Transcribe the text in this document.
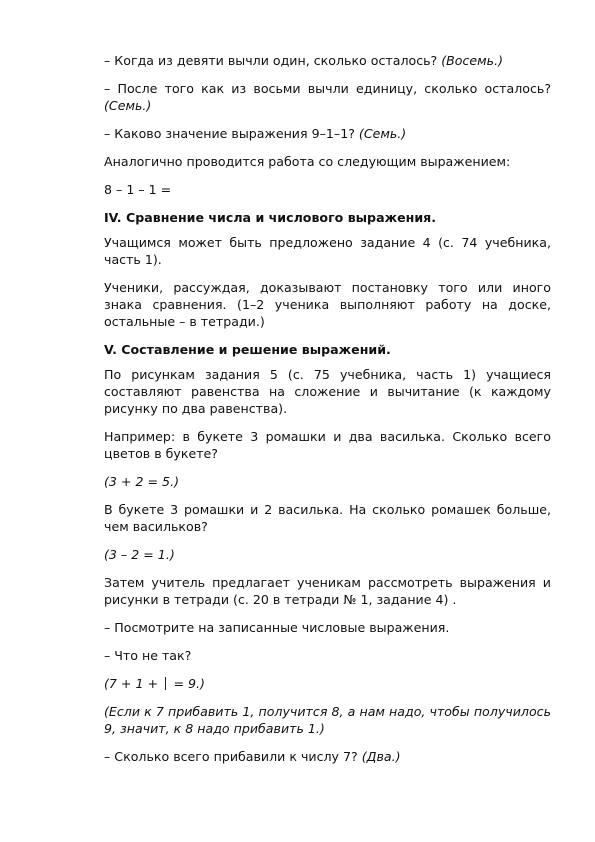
– Когда из девяти вычли один, сколько осталось? (Восемь.)

– После того как из восьми вычли единицу, сколько осталось? (Семь.)

– Каково значение выражения 9–1–1? (Семь.)

Аналогично проводится работа со следующим выражением:

8 – 1 – 1 =

IV. Сравнение числа и числового выражения.

Учащимся может быть предложено задание 4 (с. 74 учебника, часть 1).

Ученики, рассуждая, доказывают постановку того или иного знака сравнения. (1–2 ученика выполняют работу на доске, остальные – в тетради.)

V. Составление и решение выражений.

По рисункам задания 5 (с. 75 учебника, часть 1) учащиеся составляют равенства на сложение и вычитание (к каждому рисунку по два равенства).

Например: в букете 3 ромашки и два василька. Сколько всего цветов в букете?

(3 + 2 = 5.)

В букете 3 ромашки и 2 василька. На сколько ромашек больше, чем васильков?

(3 – 2 = 1.)

Затем учитель предлагает ученикам рассмотреть выражения и рисунки в тетради (с. 20 в тетради № 1, задание 4) .

– Посмотрите на записанные числовые выражения.

– Что не так?

(7 + 1 +  = 9.)

(Если к 7 прибавить 1, получится 8, а нам надо, чтобы получилось 9, значит, к 8 надо прибавить 1.)

– Сколько всего прибавили к числу 7? (Два.)
